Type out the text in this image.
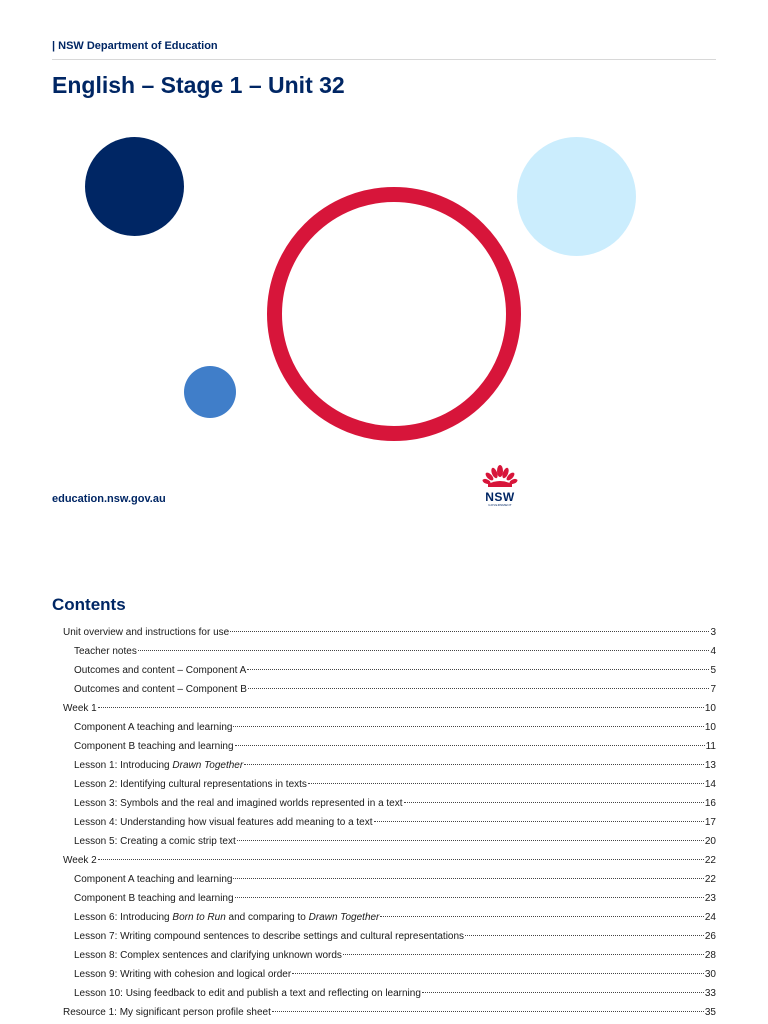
| NSW Department of Education
English – Stage 1 – Unit 32
education.nsw.gov.au	NSW
GOVERNMENT
Contents
Unit overview and instructions for use	3
Teacher notes	4
Outcomes and content – Component A	5
Outcomes and content – Component B	7
Week 1	10
Component A teaching and learning	10
Component B teaching and learning	11
Lesson 1: Introducing Drawn Together	13
Lesson 2: Identifying cultural representations in texts	14
Lesson 3: Symbols and the real and imagined worlds represented in a text	16
Lesson 4: Understanding how visual features add meaning to a text	17
Lesson 5: Creating a comic strip text	20
Week 2	22
Component A teaching and learning	22
Component B teaching and learning	23
Lesson 6: Introducing Born to Run and comparing to Drawn Together	24
Lesson 7: Writing compound sentences to describe settings and cultural representations	26
Lesson 8: Complex sentences and clarifying unknown words	28
Lesson 9: Writing with cohesion and logical order	30
Lesson 10: Using feedback to edit and publish a text and reflecting on learning	33
Resource 1: My significant person profile sheet	35
